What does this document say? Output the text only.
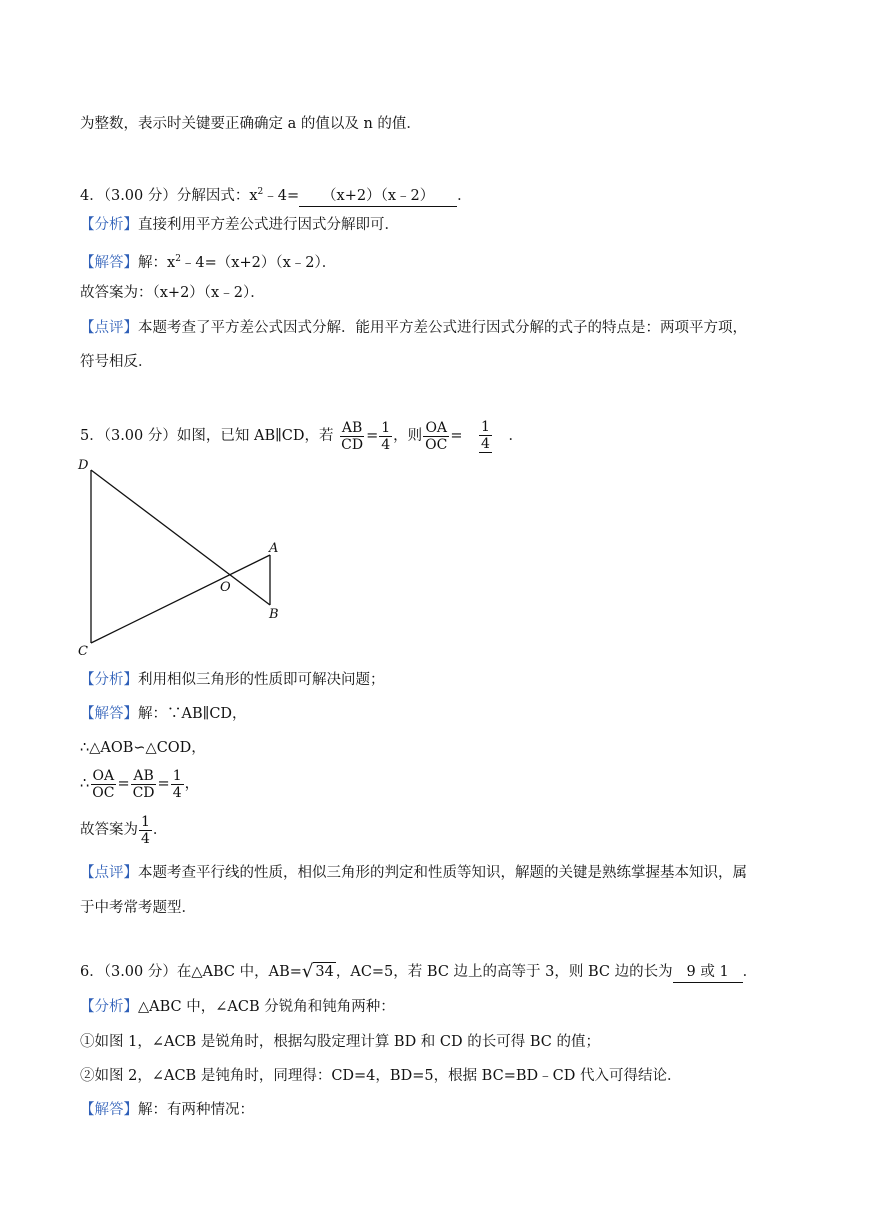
为整数，表示时关键要正确确定 a 的值以及 n 的值．
4．（3.00 分）分解因式：$x^2﹣4=$ （x+2）（x﹣2） ．
【分析】直接利用平方差公式进行因式分解即可．
【解答】解：$x^2﹣4=(x+2)(x﹣2)$．
故答案为：（x+2）（x﹣2）．
【点评】本题考查了平方差公式因式分解．能用平方差公式进行因式分解的式子的特点是：两项平方项，
符号相反．
5．（3.00 分）如图，已知 AB∥CD，若 $\frac{AB}{CD} = \frac{1}{4}$ ，则 $\frac{OA}{OC} = \frac{1}{4}$ ．
D
C
O
A
B
【分析】利用相似三角形的性质即可解决问题；
【解答】解：∵AB∥CD，
∴△AOB∽△COD，
∴ $\frac{OA}{OC} = \frac{AB}{CD} = \frac{1}{4}$ ，
故答案为 $\frac{1}{4}$ ．
【点评】本题考查平行线的性质，相似三角形的判定和性质等知识，解题的关键是熟练掌握基本知识，属
于中考常考题型．
6．（3.00 分）在△ABC 中，AB= √ 34 ，AC=5，若 BC 边上的高等于 3，则 BC 边的长为 9 或 1 ．
【分析】△ABC 中，∠ACB 分锐角和钝角两种：
①如图 1，∠ACB 是锐角时，根据勾股定理计算 BD 和 CD 的长可得 BC 的值；
②如图 2，∠ACB 是钝角时，同理得：CD=4，BD=5，根据 BC=BD﹣CD 代入可得结论．
【解答】解：有两种情况：
